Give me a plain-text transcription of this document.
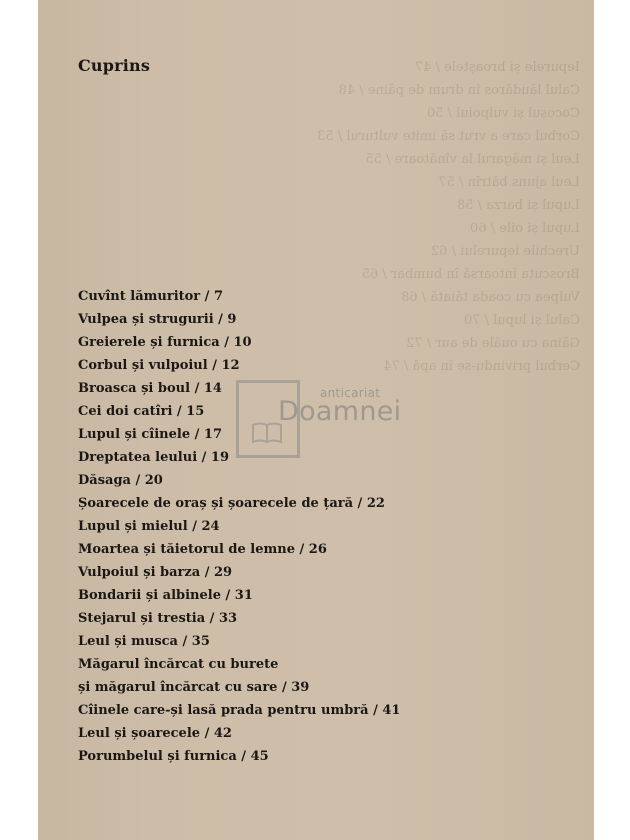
Iepurele și broaștele / 47
Calul lăudăros în drum de pâine / 48
Cocoșul și vulpoiul / 50
Corbul care a vrut să imite vulturul / 53
Leul și măgarul la vînătoare / 55
Leul ajuns bătrîn / 57
Lupul și barza / 58
Lupul și oile / 60
Urechile iepurelui / 62
Broscuța întoarsă în bumbar / 65
Vulpea cu coada tăiată / 68
Calul și lupul / 70
Găina cu ouăle de aur / 72
Cerbul privindu-se în apă / 74
Cuprins
Cuvînt lămuritor / 7
Vulpea și strugurii / 9
Greierele și furnica / 10
Corbul și vulpoiul / 12
Broasca și boul / 14
Cei doi catîri / 15
Lupul și cîinele / 17
Dreptatea leului / 19
Dăsaga / 20
Șoarecele de oraș și șoarecele de țară / 22
Lupul și mielul / 24
Moartea și tăietorul de lemne / 26
Vulpoiul și barza / 29
Bondarii și albinele / 31
Stejarul și trestia / 33
Leul și musca / 35
Măgarul încărcat cu burete
și măgarul încărcat cu sare / 39
Cîinele care-și lasă prada pentru umbră / 41
Leul și șoarecele / 42
Porumbelul și furnica / 45
anticariat
Doamnei
